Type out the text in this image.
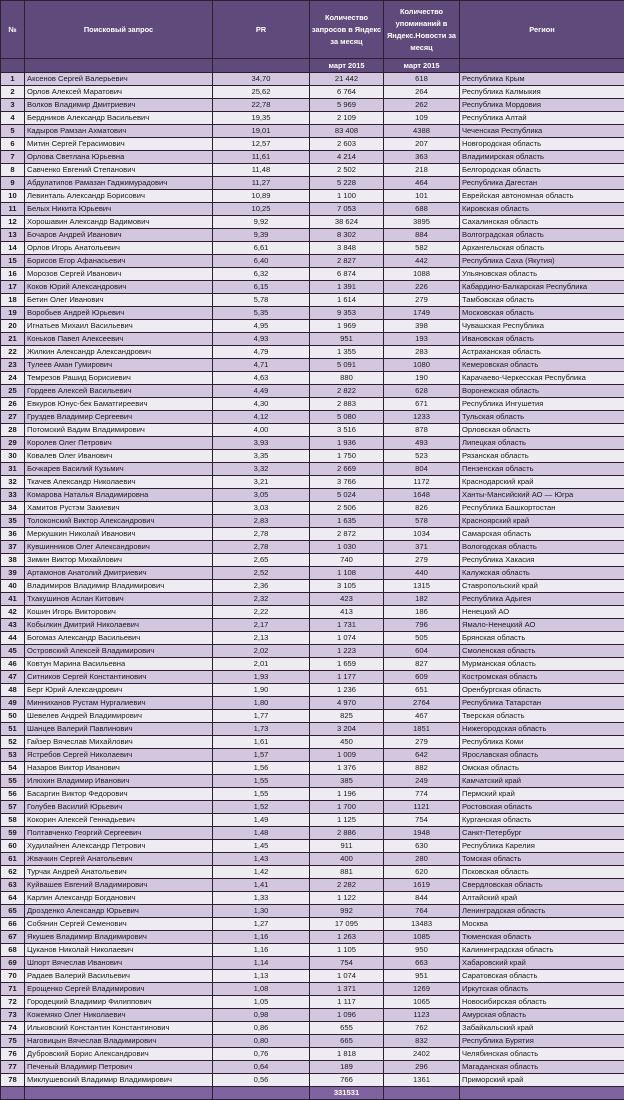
№	Поисковый запрос	PR	Количество запросов в Яндекс за месяц	Количество упоминаний в Яндекс.Новости за месяц	Регион
			март 2015	март 2015	
1	Аксенов Сергей Валерьевич	34,70	21 442	618	Республика Крым
2	Орлов Алексей Маратович	25,62	6 764	264	Республика Калмыкия
3	Волков Владимир Дмитриевич	22,78	5 969	262	Республика Мордовия
4	Бердников Александр Васильевич	19,35	2 109	109	Республика Алтай
5	Кадыров Рамзан Ахматович	19,01	83 408	4388	Чеченская Республика
6	Митин Сергей Герасимович	12,57	2 603	207	Новгородская область
7	Орлова Светлана Юрьевна	11,61	4 214	363	Владимирская область
8	Савченко Евгений Степанович	11,48	2 502	218	Белгородская область
9	Абдулатипов Рамазан Гаджимурадович	11,27	5 228	464	Республика Дагестан
10	Левинталь Александр Борисович	10,89	1 100	101	Еврейская автономная область
11	Белых Никита Юрьевич	10,25	7 053	688	Кировская область
12	Хорошавин Александр Вадимович	9,92	38 624	3895	Сахалинская область
13	Бочаров Андрей Иванович	9,39	8 302	884	Волгоградская область
14	Орлов Игорь Анатольевич	6,61	3 848	582	Архангельская область
15	Борисов Егор Афанасьевич	6,40	2 827	442	Республика Саха (Якутия)
16	Морозов Сергей Иванович	6,32	6 874	1088	Ульяновская область
17	Коков Юрий Александрович	6,15	1 391	226	Кабардино-Балкарская Республика
18	Бетин Олег Иванович	5,78	1 614	279	Тамбовская область
19	Воробьев Андрей Юрьевич	5,35	9 353	1749	Московская область
20	Игнатьев Михаил Васильевич	4,95	1 969	398	Чувашская Республика
21	Коньков Павел Алексеевич	4,93	951	193	Ивановская область
22	Жилкин Александр Александрович	4,79	1 355	283	Астраханская область
23	Тулеев Аман Гумирович	4,71	5 091	1080	Кемеровская область
24	Темрезов Рашид Борисиевич	4,63	880	190	Карачаево-Черкесская Республика
25	Гордеев Алексей Васильевич	4,49	2 822	628	Воронежская область
26	Евкуров Юнус-бек Баматгиреевич	4,30	2 883	671	Республика Ингушетия
27	Груздев Владимир Сергеевич	4,12	5 080	1233	Тульская область
28	Потомский Вадим Владимирович	4,00	3 516	878	Орловская область
29	Королев Олег Петрович	3,93	1 936	493	Липецкая область
30	Ковалев Олег Иванович	3,35	1 750	523	Рязанская область
31	Бочкарев Василий Кузьмич	3,32	2 669	804	Пензенская область
32	Ткачев Александр Николаевич	3,21	3 766	1172	Краснодарский край
33	Комарова Наталья Владимировна	3,05	5 024	1648	Ханты-Мансийский АО — Югра
34	Хамитов Рустэм Закиевич	3,03	2 506	826	Республика Башкортостан
35	Толоконский Виктор Александрович	2,83	1 635	578	Красноярский край
36	Меркушкин Николай Иванович	2,78	2 872	1034	Самарская область
37	Кувшинников Олег Александрович	2,78	1 030	371	Вологодская область
38	Зимин Виктор Михайлович	2,65	740	279	Республика Хакасия
39	Артамонов Анатолий Дмитриевич	2,52	1 108	440	Калужская область
40	Владимиров Владимир Владимирович	2,36	3 105	1315	Ставропольский край
41	Тхакушинов Аслан Китович	2,32	423	182	Республика Адыгея
42	Кошин Игорь Викторович	2,22	413	186	Ненецкий АО
43	Кобылкин Дмитрий Николаевич	2,17	1 731	796	Ямало-Ненецкий АО
44	Богомаз Александр Васильевич	2,13	1 074	505	Брянская область
45	Островский Алексей Владимирович	2,02	1 223	604	Смоленская область
46	Ковтун Марина Васильевна	2,01	1 659	827	Мурманская область
47	Ситников Сергей Константинович	1,93	1 177	609	Костромская область
48	Берг Юрий Александрович	1,90	1 236	651	Оренбургская область
49	Минниханов Рустам Нургалиевич	1,80	4 970	2764	Республика Татарстан
50	Шевелев Андрей Владимирович	1,77	825	467	Тверская область
51	Шанцев Валерий Павлинович	1,73	3 204	1851	Нижегородская область
52	Гайзер Вячеслав Михайлович	1,61	450	279	Республика Коми
53	Ястребов Сергей Николаевич	1,57	1 009	642	Ярославская область
54	Назаров Виктор Иванович	1,56	1 376	882	Омская область
55	Илюхин Владимир Иванович	1,55	385	249	Камчатский край
56	Басаргин Виктор Федорович	1,55	1 196	774	Пермский край
57	Голубев Василий Юрьевич	1,52	1 700	1121	Ростовская область
58	Кокорин Алексей Геннадьевич	1,49	1 125	754	Курганская область
59	Полтавченко Георгий Сергеевич	1,48	2 886	1948	Санкт-Петербург
60	Худилайнен Александр Петрович	1,45	911	630	Республика Карелия
61	Жвачкин Сергей Анатольевич	1,43	400	280	Томская область
62	Турчак Андрей Анатольевич	1,42	881	620	Псковская область
63	Куйвашев Евгений Владимирович	1,41	2 282	1619	Свердловская область
64	Карлин Александр Богданович	1,33	1 122	844	Алтайский край
65	Дрозденко Александр Юрьевич	1,30	992	764	Ленинградская область
66	Собянин Сергей Семенович	1,27	17 095	13483	Москва
67	Якушев Владимир Владимирович	1,16	1 263	1085	Тюменская область
68	Цуканов Николай Николаевич	1,16	1 105	950	Калининградская область
69	Шпорт Вячеслав Иванович	1,14	754	663	Хабаровский край
70	Радаев Валерий Васильевич	1,13	1 074	951	Саратовская область
71	Ерощенко Сергей Владимирович	1,08	1 371	1269	Иркутская область
72	Городецкий Владимир Филиппович	1,05	1 117	1065	Новосибирская область
73	Кожемяко Олег Николаевич	0,98	1 096	1123	Амурская область
74	Ильковский Константин Константинович	0,86	655	762	Забайкальский край
75	Наговицын Вячеслав Владимирович	0,80	665	832	Республика Бурятия
76	Дубровский Борис Александрович	0,76	1 818	2402	Челябинская область
77	Печеный Владимир Петрович	0,64	189	296	Магаданская область
78	Миклушевский Владимир Владимирович	0,56	766	1361	Приморский край
			331531		
